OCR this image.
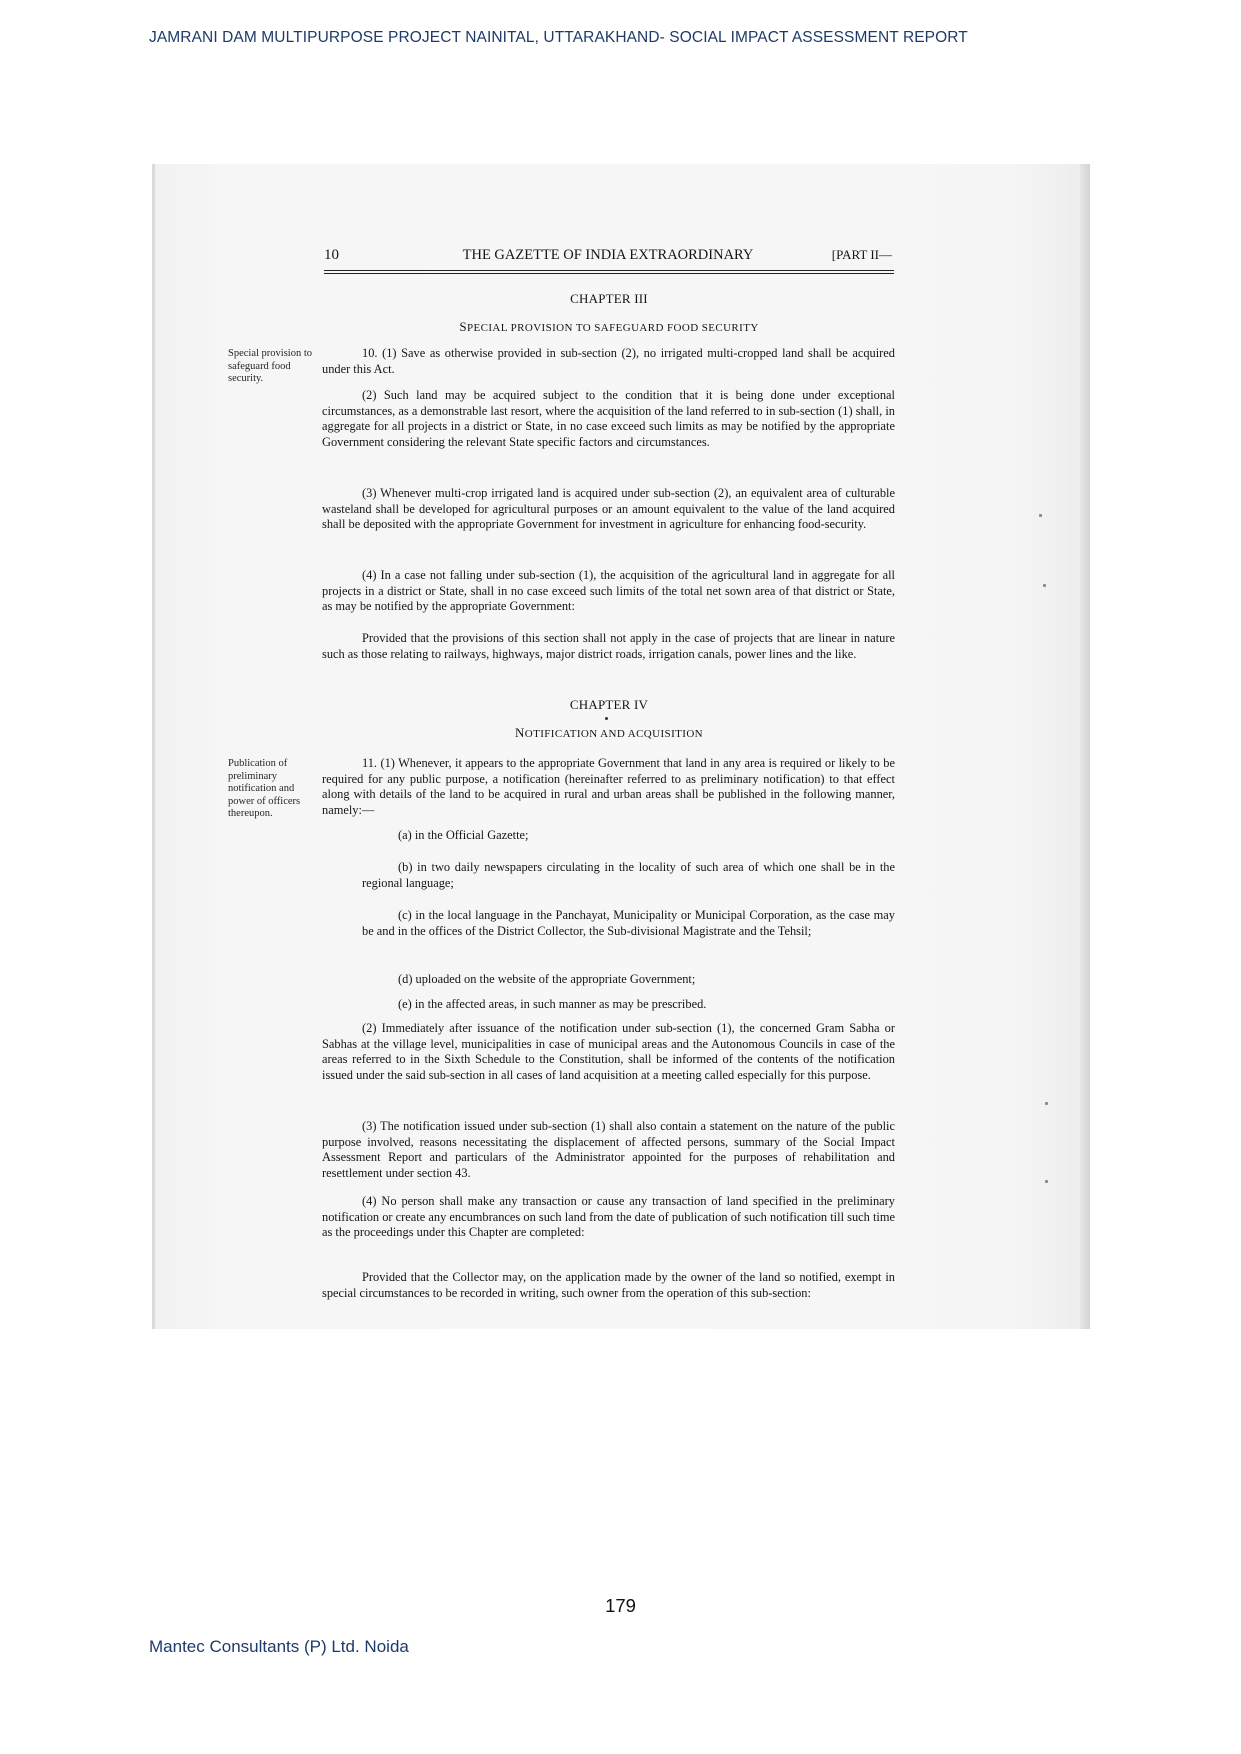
JAMRANI DAM MULTIPURPOSE PROJECT NAINITAL, UTTARAKHAND- SOCIAL IMPACT ASSESSMENT REPORT
10	THE GAZETTE OF INDIA EXTRAORDINARY	[PART II—
CHAPTER III
SPECIAL PROVISION TO SAFEGUARD FOOD SECURITY
Special provision to safeguard food security.
10. (1) Save as otherwise provided in sub-section (2), no irrigated multi-cropped land shall be acquired under this Act.
(2) Such land may be acquired subject to the condition that it is being done under exceptional circumstances, as a demonstrable last resort, where the acquisition of the land referred to in sub-section (1) shall, in aggregate for all projects in a district or State, in no case exceed such limits as may be notified by the appropriate Government considering the relevant State specific factors and circumstances.
(3) Whenever multi-crop irrigated land is acquired under sub-section (2), an equivalent area of culturable wasteland shall be developed for agricultural purposes or an amount equivalent to the value of the land acquired shall be deposited with the appropriate Government for investment in agriculture for enhancing food-security.
(4) In a case not falling under sub-section (1), the acquisition of the agricultural land in aggregate for all projects in a district or State, shall in no case exceed such limits of the total net sown area of that district or State, as may be notified by the appropriate Government:
Provided that the provisions of this section shall not apply in the case of projects that are linear in nature such as those relating to railways, highways, major district roads, irrigation canals, power lines and the like.
CHAPTER IV
NOTIFICATION AND ACQUISITION
Publication of preliminary notification and power of officers thereupon.
11. (1) Whenever, it appears to the appropriate Government that land in any area is required or likely to be required for any public purpose, a notification (hereinafter referred to as preliminary notification) to that effect along with details of the land to be acquired in rural and urban areas shall be published in the following manner, namely:—
(a) in the Official Gazette;
(b) in two daily newspapers circulating in the locality of such area of which one shall be in the regional language;
(c) in the local language in the Panchayat, Municipality or Municipal Corporation, as the case may be and in the offices of the District Collector, the Sub-divisional Magistrate and the Tehsil;
(d) uploaded on the website of the appropriate Government;
(e) in the affected areas, in such manner as may be prescribed.
(2) Immediately after issuance of the notification under sub-section (1), the concerned Gram Sabha or Sabhas at the village level, municipalities in case of municipal areas and the Autonomous Councils in case of the areas referred to in the Sixth Schedule to the Constitution, shall be informed of the contents of the notification issued under the said sub-section in all cases of land acquisition at a meeting called especially for this purpose.
(3) The notification issued under sub-section (1) shall also contain a statement on the nature of the public purpose involved, reasons necessitating the displacement of affected persons, summary of the Social Impact Assessment Report and particulars of the Administrator appointed for the purposes of rehabilitation and resettlement under section 43.
(4) No person shall make any transaction or cause any transaction of land specified in the preliminary notification or create any encumbrances on such land from the date of publication of such notification till such time as the proceedings under this Chapter are completed:
Provided that the Collector may, on the application made by the owner of the land so notified, exempt in special circumstances to be recorded in writing, such owner from the operation of this sub-section:
179
Mantec Consultants (P) Ltd. Noida
